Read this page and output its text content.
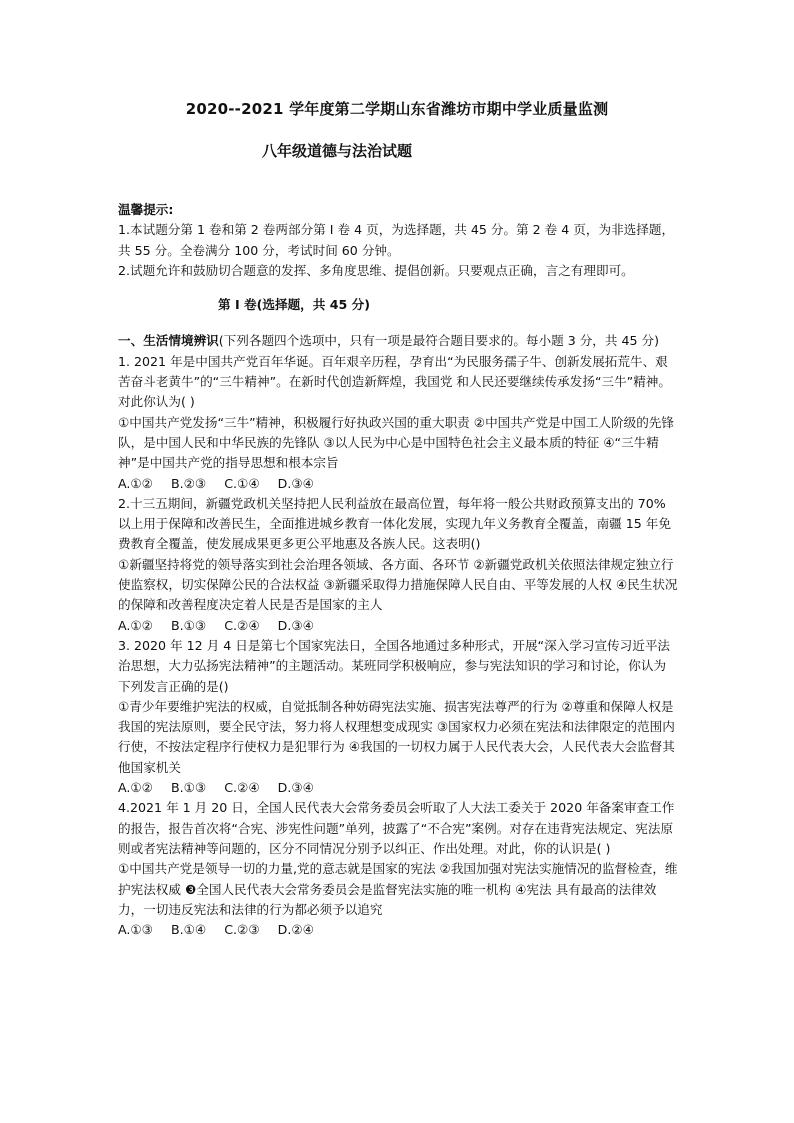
2020--2021 学年度第二学期山东省潍坊市期中学业质量监测
八年级道德与法治试题

温馨提示:

1.本试题分第 1 卷和第 2 卷两部分第 I 卷 4 页，为选择题，共 45 分。第 2 卷 4 页，为非选择题，共 55 分。全卷满分 100 分，考试时间 60 分钟。

2.试题允许和鼓励切合题意的发挥、多角度思维、提倡创新。只要观点正确，言之有理即可。

第 I 卷(选择题，共 45 分)

一、生活情境辨识(下列各题四个选项中，只有一项是最符合题目要求的。每小题 3 分，共 45 分)

1. 2021 年是中国共产党百年华诞。百年艰辛历程，孕育出“为民服务孺子牛、创新发展拓荒牛、艰苦奋斗老黄牛”的“三牛精神”。在新时代创造新辉煌，我国党 和人民还要继续传承发扬“三牛”精神。对此你认为( )

①中国共产党发扬“三牛”精神，积极履行好执政兴国的重大职责 ②中国共产党是中国工人阶级的先锋队，是中国人民和中华民族的先锋队 ③以人民为中心是中国特色社会主义最本质的特征 ④“三牛精神”是中国共产党的指导思想和根本宗旨

A.①② B.②③ C.①④ D.③④

2.十三五期间，新疆党政机关坚持把人民利益放在最高位置，每年将一般公共财政预算支出的 70%以上用于保障和改善民生，全面推进城乡教育一体化发展，实现九年义务教育全覆盖，南疆 15 年免费教育全覆盖，使发展成果更多更公平地惠及各族人民。这表明()

①新疆坚持将党的领导落实到社会治理各领域、各方面、各环节 ②新疆党政机关依照法律规定独立行使监察权，切实保障公民的合法权益 ③新疆采取得力措施保障人民自由、平等发展的人权 ④民生状况的保障和改善程度决定着人民是否是国家的主人

A.①② B.①③ C.②④ D.③④

3. 2020 年 12 月 4 日是第七个国家宪法日，全国各地通过多种形式，开展“深入学习宣传习近平法治思想，大力弘扬宪法精神”的主题活动。某班同学积极响应，参与宪法知识的学习和讨论，你认为下列发言正确的是()

①青少年要维护宪法的权威，自觉抵制各种妨碍宪法实施、损害宪法尊严的行为 ②尊重和保障人权是我国的宪法原则，要全民守法，努力将人权理想变成现实 ③国家权力必须在宪法和法律限定的范围内行使，不按法定程序行使权力是犯罪行为 ④我国的一切权力属于人民代表大会，人民代表大会监督其他国家机关

A.①② B.①③ C.②④ D.③④

4.2021 年 1 月 20 日，全国人民代表大会常务委员会听取了人大法工委关于 2020 年备案审查工作的报告，报告首次将“合宪、涉宪性问题”单列，披露了“不合宪”案例。对存在违背宪法规定、宪法原则或者宪法精神等问题的，区分不同情况分别予以纠正、作出处理。对此，你的认识是( )

①中国共产党是领导一切的力量,党的意志就是国家的宪法 ②我国加强对宪法实施情况的监督检查，维护宪法权威 ❸全国人民代表大会常务委员会是监督宪法实施的唯一机构 ④宪法 具有最高的法律效力，一切违反宪法和法律的行为都必须予以追究

A.①③ B.①④ C.②③ D.②④
